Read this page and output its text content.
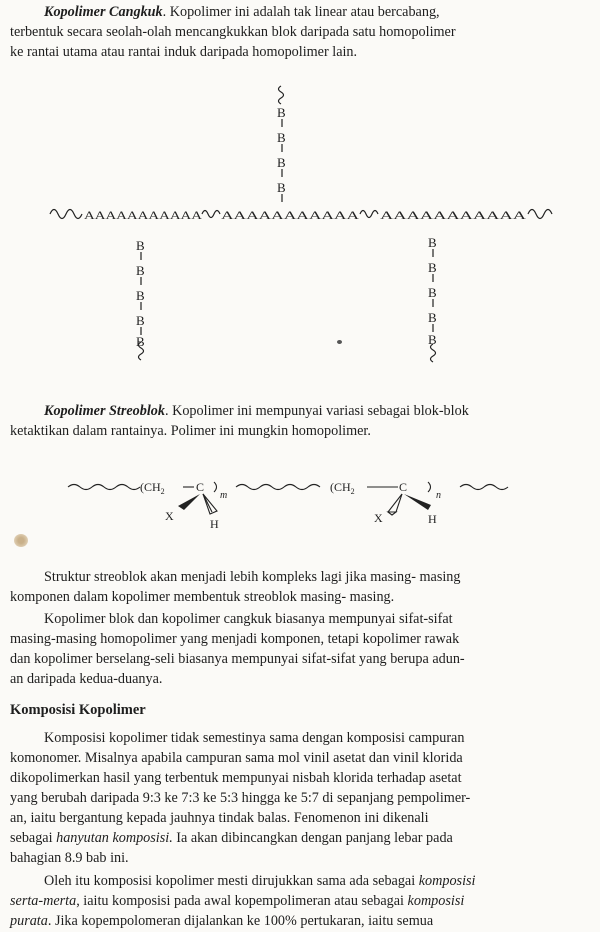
Kopolimer Cangkuk. Kopolimer ini adalah tak linear atau bercabang,
terbentuk secara seolah-olah mencangkukkan blok daripada satu homopolimer
ke rantai utama atau rantai induk daripada homopolimer lain.

B
B
B
B
AAAAAAAAAAA AAAAAAAAAAA AAAAAAAAAAA
B
B
B
B
B
B
B
B
B
B

Kopolimer Streoblok. Kopolimer ini mempunyai variasi sebagai blok-blok
ketaktikan dalam rantainya. Polimer ini mungkin homopolimer.

($CH_2$	C
m
X
H
($CH_2$	C
n
X	H

Struktur streoblok akan menjadi lebih kompleks lagi jika masing- masing
komponen dalam kopolimer membentuk streoblok masing- masing.

Kopolimer blok dan kopolimer cangkuk biasanya mempunyai sifat-sifat
masing-masing homopolimer yang menjadi komponen, tetapi kopolimer rawak
dan kopolimer berselang-seli biasanya mempunyai sifat-sifat yang berupa adun-
an daripada kedua-duanya.

Komposisi Kopolimer

Komposisi kopolimer tidak semestinya sama dengan komposisi campuran
komonomer. Misalnya apabila campuran sama mol vinil asetat dan vinil klorida
dikopolimerkan hasil yang terbentuk mempunyai nisbah klorida terhadap asetat
yang berubah daripada 9:3 ke 7:3 ke 5:3 hingga ke 5:7 di sepanjang pempolimer-
an, iaitu bergantung kepada jauhnya tindak balas. Fenomenon ini dikenali
sebagai hanyutan komposisi. Ia akan dibincangkan dengan panjang lebar pada
bahagian 8.9 bab ini.

Oleh itu komposisi kopolimer mesti dirujukkan sama ada sebagai komposisi
serta-merta, iaitu komposisi pada awal kopempolimeran atau sebagai komposisi
purata. Jika kopempolomeran dijalankan ke 100% pertukaran, iaitu semua
